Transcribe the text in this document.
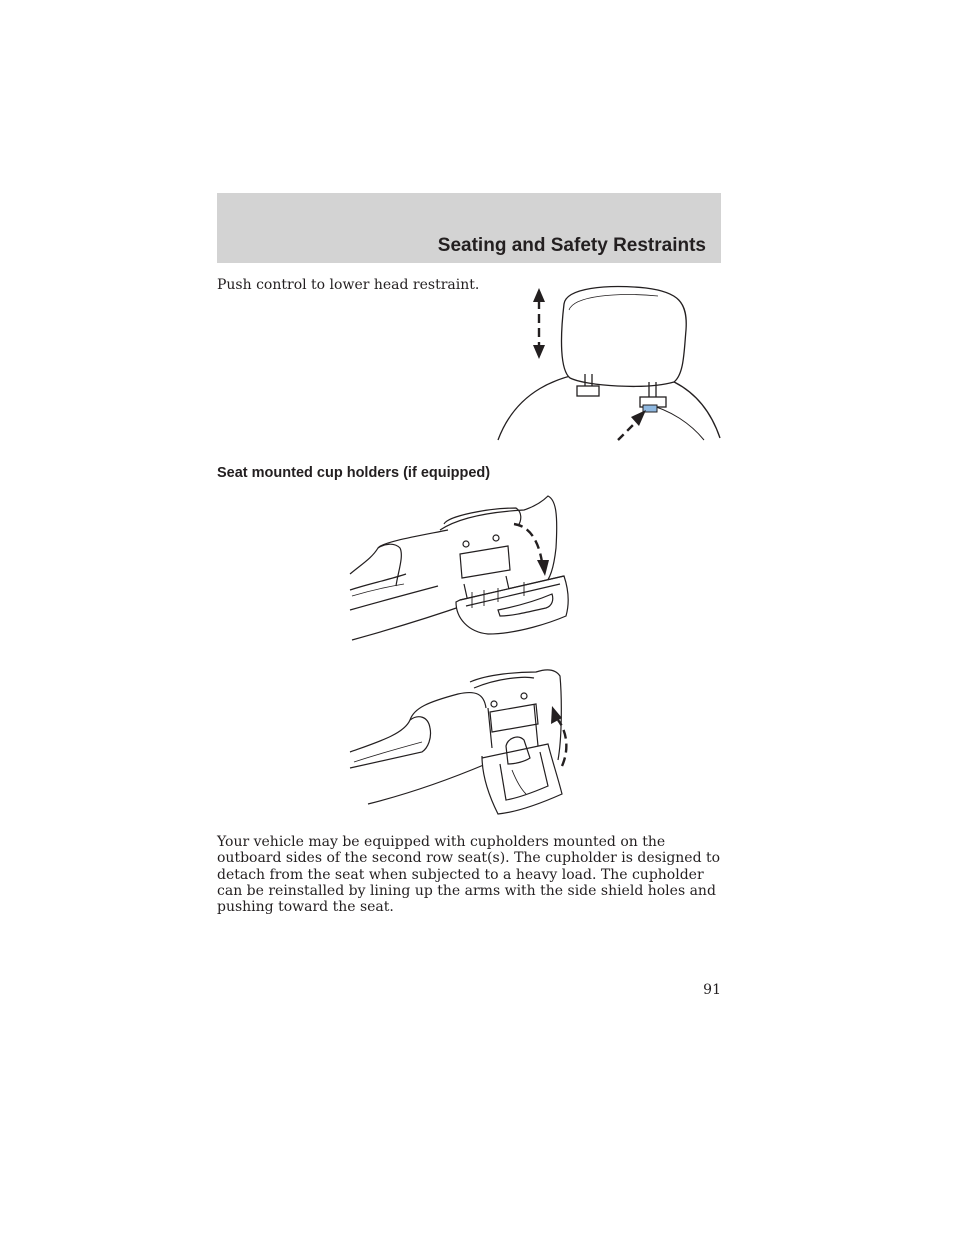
Seating and Safety Restraints
Push control to lower head restraint.
Seat mounted cup holders (if equipped)
Your vehicle may be equipped with cupholders mounted on the outboard sides of the second row seat(s). The cupholder is designed to detach from the seat when subjected to a heavy load. The cupholder can be reinstalled by lining up the arms with the side shield holes and pushing toward the seat.
91
